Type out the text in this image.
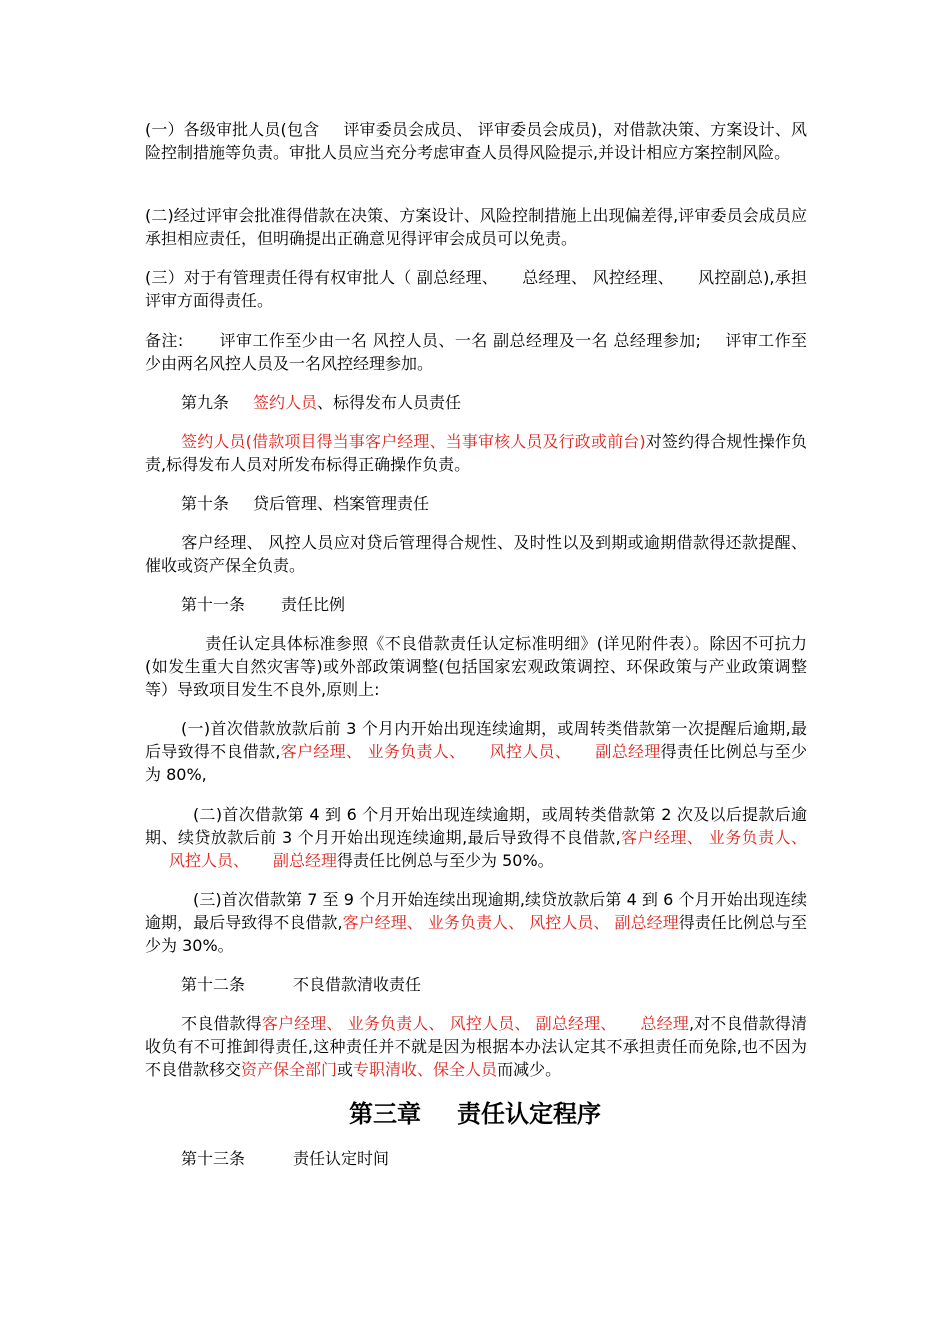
(一）各级审批人员(包含 评审委员会成员、 评审委员会成员)，对借款决策、方案设计、风险控制措施等负责。审批人员应当充分考虑审查人员得风险提示,并设计相应方案控制风险。

(二)经过评审会批准得借款在决策、方案设计、风险控制措施上出现偏差得,评审委员会成员应承担相应责任，但明确提出正确意见得评审会成员可以免责。

(三）对于有管理责任得有权审批人（ 副总经理、 总经理、 风控经理、 风控副总),承担评审方面得责任。

备注: 评审工作至少由一名 风控人员、一名 副总经理及一名 总经理参加; 评审工作至少由两名风控人员及一名风控经理参加。

第九条 签约人员、标得发布人员责任

签约人员(借款项目得当事客户经理、当事审核人员及行政或前台)对签约得合规性操作负责,标得发布人员对所发布标得正确操作负责。

第十条 贷后管理、档案管理责任

客户经理、 风控人员应对贷后管理得合规性、及时性以及到期或逾期借款得还款提醒、催收或资产保全负责。

第十一条 责任比例

责任认定具体标准参照《不良借款责任认定标准明细》(详见附件表）。除因不可抗力(如发生重大自然灾害等)或外部政策调整(包括国家宏观政策调控、环保政策与产业政策调整等）导致项目发生不良外,原则上:

(一)首次借款放款后前 3 个月内开始出现连续逾期，或周转类借款第一次提醒后逾期,最后导致得不良借款,客户经理、 业务负责人、 风控人员、 副总经理得责任比例总与至少为 80%,

(二)首次借款第 4 到 6 个月开始出现连续逾期，或周转类借款第 2 次及以后提款后逾期、续贷放款后前 3 个月开始出现连续逾期,最后导致得不良借款,客户经理、 业务负责人、风控人员、 副总经理得责任比例总与至少为 50%。

(三)首次借款第 7 至 9 个月开始连续出现逾期,续贷放款后第 4 到 6 个月开始出现连续逾期，最后导致得不良借款,客户经理、 业务负责人、 风控人员、 副总经理得责任比例总与至少为 30%。

第十二条	不良借款清收责任

不良借款得客户经理、 业务负责人、 风控人员、 副总经理、 总经理,对不良借款得清收负有不可推卸得责任,这种责任并不就是因为根据本办法认定其不承担责任而免除,也不因为不良借款移交资产保全部门或专职清收、保全人员而减少。

第三章 责任认定程序

第十三条	责任认定时间
